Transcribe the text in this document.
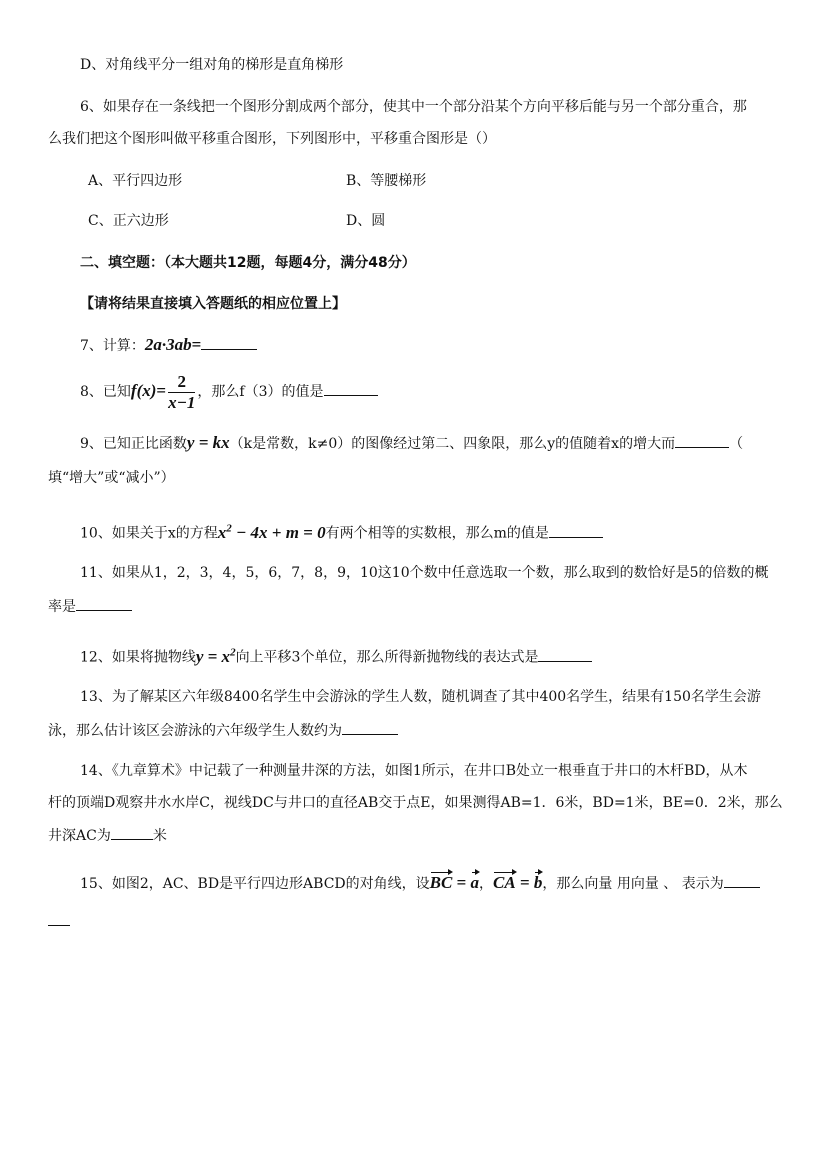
D、对角线平分一组对角的梯形是直角梯形
6、如果存在一条线把一个图形分割成两个部分，使其中一个部分沿某个方向平移后能与另一个部分重合，那
么我们把这个图形叫做平移重合图形，下列图形中，平移重合图形是（）
A、平行四边形	B、等腰梯形
C、正六边形	D、圆
二、填空题：（本大题共12题，每题4分，满分48分）
【请将结果直接填入答题纸的相应位置上】
7、计算：2a·3ab=
8、已知$f(x)= \frac{2}{x-1}$ ，那么f（3）的值是
9、已知正比函数y = kx（k是常数，k≠0）的图像经过第二、四象限，那么y的值随着x的增大而	（
填“增大”或“减小”）
10、如果关于x的方程$x^2 - 4x + m = 0$有两个相等的实数根，那么m的值是
11、如果从1，2，3，4，5，6，7，8，9，10这10个数中任意选取一个数，那么取到的数恰好是5的倍数的概
率是
12、如果将抛物线$y = x^2$向上平移3个单位，那么所得新抛物线的表达式是
13、为了解某区六年级8400名学生中会游泳的学生人数，随机调查了其中400名学生，结果有150名学生会游
泳，那么估计该区会游泳的六年级学生人数约为
14、《九章算术》中记载了一种测量井深的方法，如图1所示，在井口B处立一根垂直于井口的木杆BD，从木
杆的顶端D观察井水水岸C，视线DC与井口的直径AB交于点E，如果测得AB=1．6米，BD=1米，BE=0．2米，那么
井深AC为	米
15、如图2，AC、BD是平行四边形ABCD的对角线，设BC = a，CA = b，那么向量 用向量 、 表示为
